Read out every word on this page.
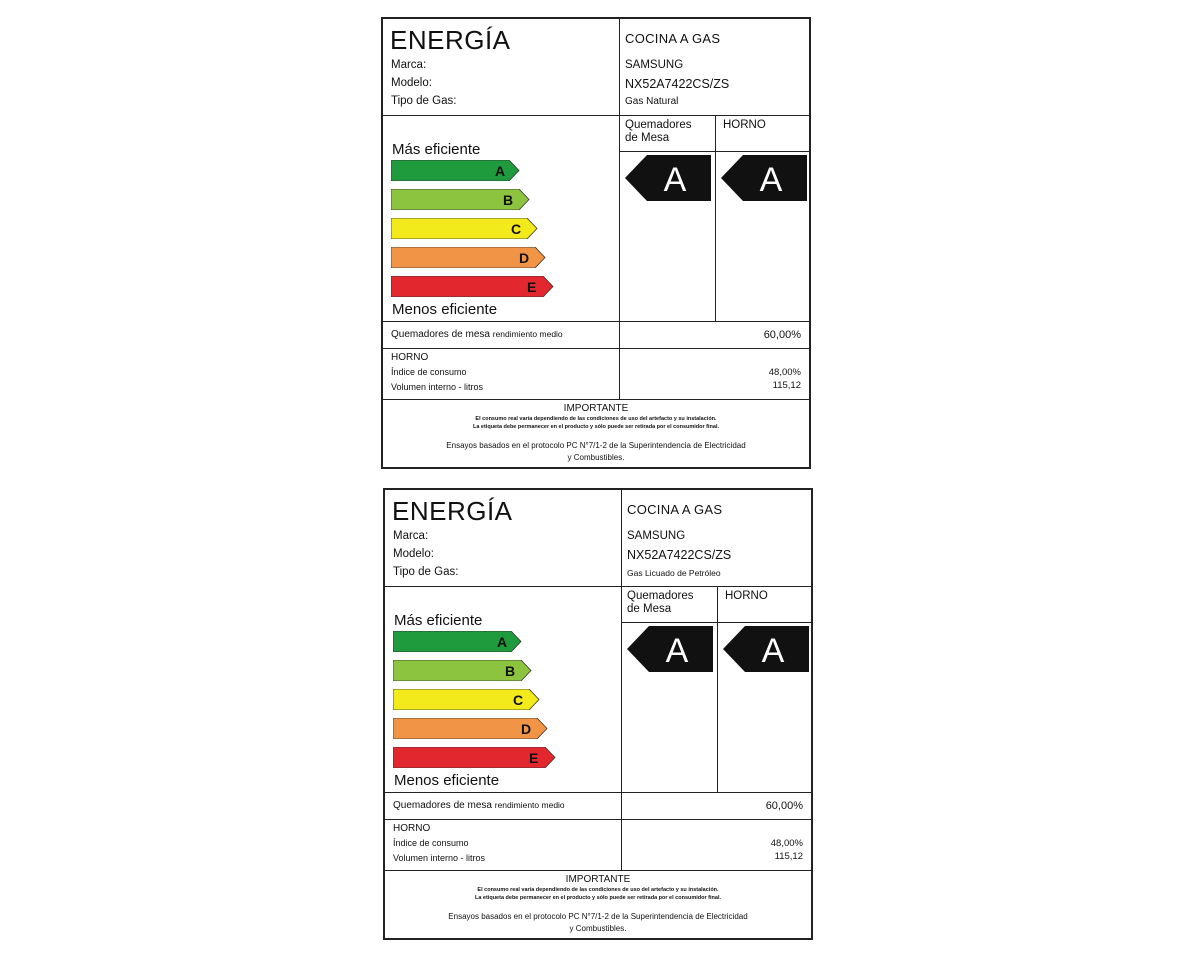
ENERGÍA
Marca:
Modelo:
Tipo de Gas:
COCINA A GAS
SAMSUNG
NX52A7422CS/ZS
Gas Natural
Quemadores
de Mesa
HORNO
Más eficiente
A
B
C
D
E
Menos eficiente
A A
Quemadores de mesa rendimiento medio	60,00%
HORNO
Índice de consumo
Volumen interno - litros
48,00%
115,12
IMPORTANTE
El consumo real varía dependiendo de las condiciones de uso del artefacto y su instalación.
La etiqueta debe permanecer en el producto y sólo puede ser retirada por el consumidor final.
Ensayos basados en el protocolo PC N°7/1-2 de la Superintendencia de Electricidad
y Combustibles.
ENERGÍA
Marca:
Modelo:
Tipo de Gas:
COCINA A GAS
SAMSUNG
NX52A7422CS/ZS
Gas Licuado de Petróleo
Quemadores
de Mesa
HORNO
Más eficiente
A
B
C
D
E
Menos eficiente
A A
Quemadores de mesa rendimiento medio	60,00%
HORNO
Índice de consumo
Volumen interno - litros
48,00%
115,12
IMPORTANTE
El consumo real varía dependiendo de las condiciones de uso del artefacto y su instalación.
La etiqueta debe permanecer en el producto y sólo puede ser retirada por el consumidor final.
Ensayos basados en el protocolo PC N°7/1-2 de la Superintendencia de Electricidad
y Combustibles.
